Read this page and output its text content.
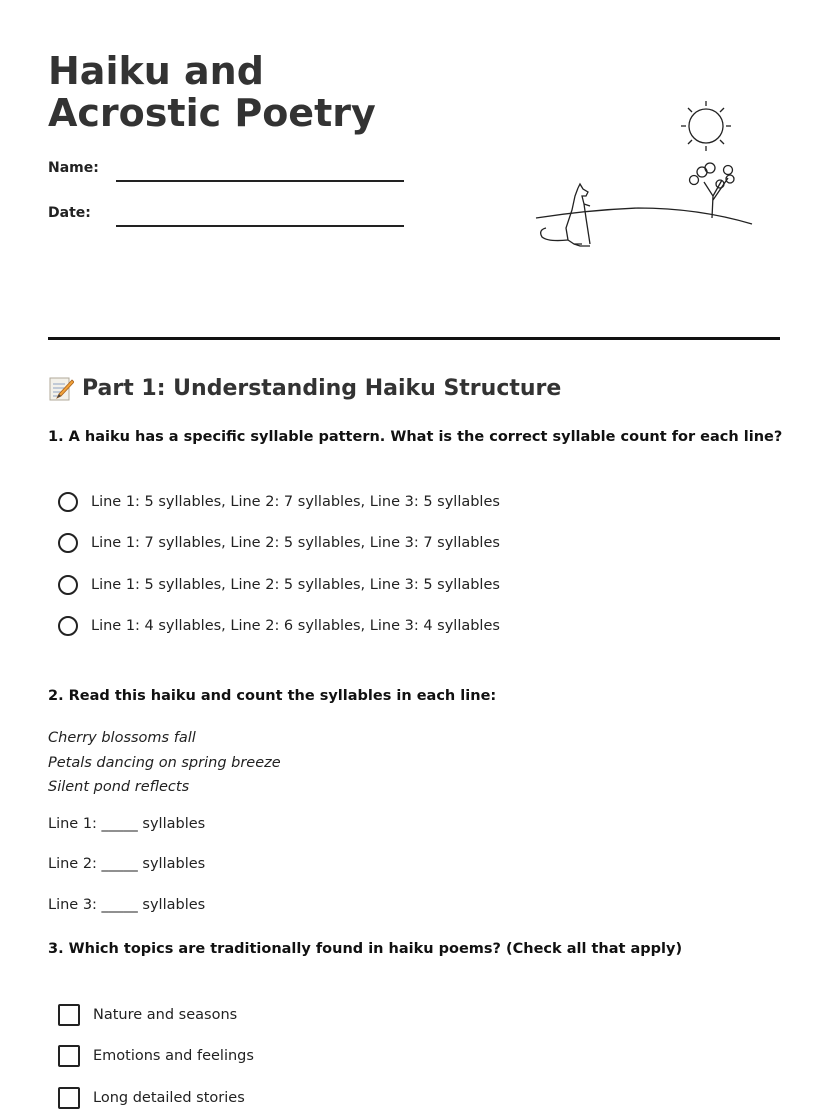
Haiku and Acrostic Poetry
Name:
Date:
Part 1: Understanding Haiku Structure
1. A haiku has a specific syllable pattern. What is the correct syllable count for each line?
Line 1: 5 syllables, Line 2: 7 syllables, Line 3: 5 syllables
Line 1: 7 syllables, Line 2: 5 syllables, Line 3: 7 syllables
Line 1: 5 syllables, Line 2: 5 syllables, Line 3: 5 syllables
Line 1: 4 syllables, Line 2: 6 syllables, Line 3: 4 syllables
2. Read this haiku and count the syllables in each line:
Cherry blossoms fall
Petals dancing on spring breeze
Silent pond reflects
Line 1: _____ syllables
Line 2: _____ syllables
Line 3: _____ syllables
3. Which topics are traditionally found in haiku poems? (Check all that apply)
Nature and seasons
Emotions and feelings
Long detailed stories
